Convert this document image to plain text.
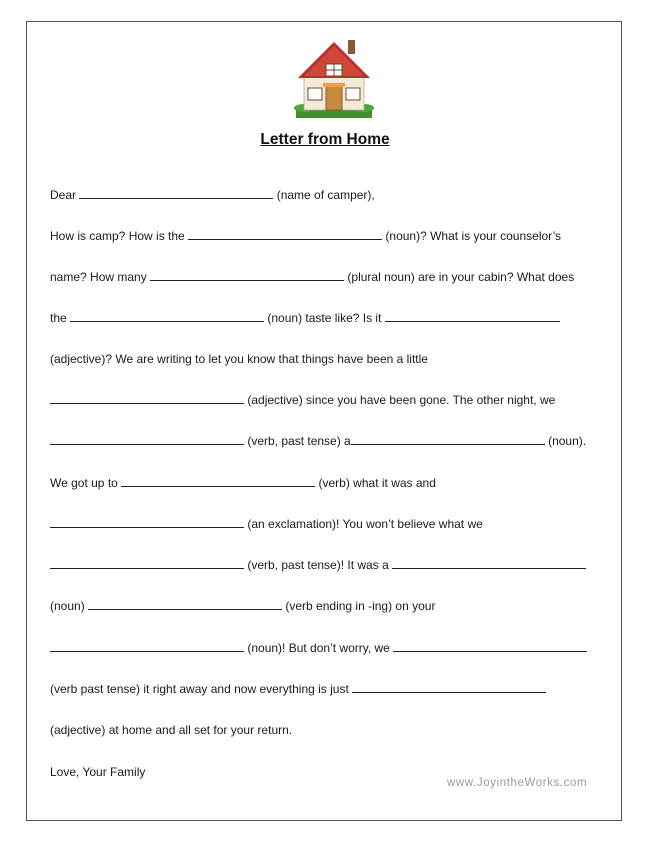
Letter from Home
Dear	(name of camper),
How is camp? How is the	(noun)? What is your counselor’s
name? How many	(plural noun) are in your cabin? What does
the	(noun) taste like? Is it
(adjective)? We are writing to let you know that things have been a little
(adjective) since you have been gone. The other night, we
(verb, past tense) a	(noun).
We got up to	(verb) what it was and
(an exclamation)! You won’t believe what we
(verb, past tense)! It was a
(noun)	(verb ending in -ing) on your
(noun)! But don’t worry, we
(verb past tense) it right away and now everything is just
(adjective) at home and all set for your return.
Love, Your Family
www.JoyintheWorks.com
